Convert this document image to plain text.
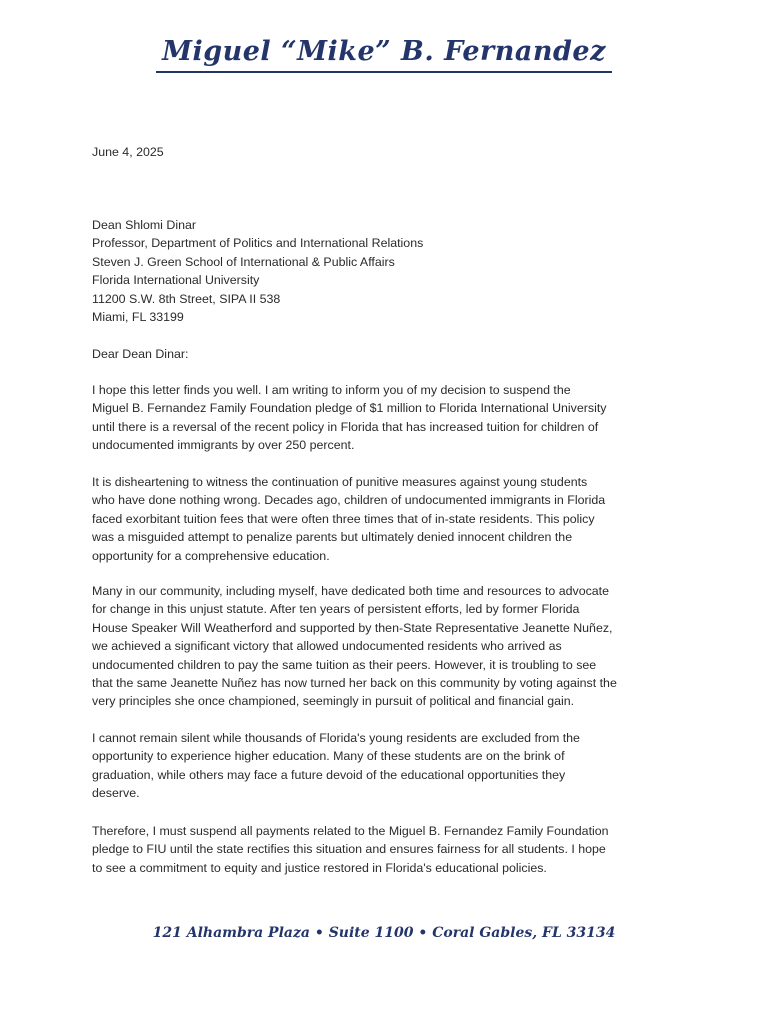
Miguel “Mike” B. Fernandez
June 4, 2025
Dean Shlomi Dinar
Professor, Department of Politics and International Relations
Steven J. Green School of International & Public Affairs
Florida International University
11200 S.W. 8th Street, SIPA II 538
Miami, FL 33199
Dear Dean Dinar:

I hope this letter finds you well. I am writing to inform you of my decision to suspend the
Miguel B. Fernandez Family Foundation pledge of $1 million to Florida International University
until there is a reversal of the recent policy in Florida that has increased tuition for children of
undocumented immigrants by over 250 percent.

It is disheartening to witness the continuation of punitive measures against young students
who have done nothing wrong. Decades ago, children of undocumented immigrants in Florida
faced exorbitant tuition fees that were often three times that of in-state residents. This policy
was a misguided attempt to penalize parents but ultimately denied innocent children the
opportunity for a comprehensive education.

Many in our community, including myself, have dedicated both time and resources to advocate
for change in this unjust statute. After ten years of persistent efforts, led by former Florida
House Speaker Will Weatherford and supported by then-State Representative Jeanette Nuñez,
we achieved a significant victory that allowed undocumented residents who arrived as
undocumented children to pay the same tuition as their peers. However, it is troubling to see
that the same Jeanette Nuñez has now turned her back on this community by voting against the
very principles she once championed, seemingly in pursuit of political and financial gain.

I cannot remain silent while thousands of Florida's young residents are excluded from the
opportunity to experience higher education. Many of these students are on the brink of
graduation, while others may face a future devoid of the educational opportunities they
deserve.

Therefore, I must suspend all payments related to the Miguel B. Fernandez Family Foundation
pledge to FIU until the state rectifies this situation and ensures fairness for all students. I hope
to see a commitment to equity and justice restored in Florida's educational policies.

121 Alhambra Plaza • Suite 1100 • Coral Gables, FL 33134
